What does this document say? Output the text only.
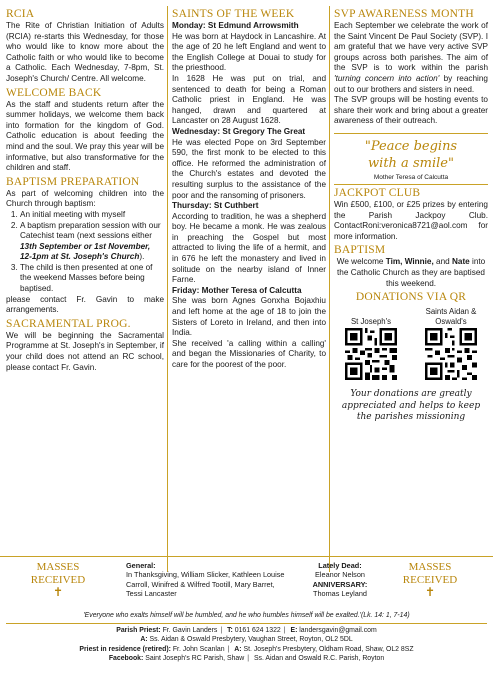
RCIA
The Rite of Christian Initiation of Adults (RCIA) re-starts this Wednesday, for those who would like to know more about the Catholic faith or who would like to become a Catholic. Each Wednesday, 7-8pm, St. Joseph's Church/ Centre. All welcome.
WELCOME BACK
As the staff and students return after the summer holidays, we welcome them back into formation for the kingdom of God. Catholic education is about feeding the mind and the soul. We pray this year will be informative, but also transformative for the children and staff.
BAPTISM PREPARATION
As part of welcoming children into the Church through baptism:
1. An initial meeting with myself
2. A baptism preparation session with our Catechist team (next sessions either 13th September or 1st November, 12-1pm at St. Joseph's Church).
3. The child is then presented at one of the weekend Masses before being baptised.
please contact Fr. Gavin to make arrangements.
SACRAMENTAL PROG.
We will be beginning the Sacramental Programme at St. Joseph's in September, if your child does not attend an RC school, please contact Fr. Gavin.
SAINTS OF THE WEEK
Monday: St Edmund Arrowsmith
He was born at Haydock in Lancashire. At the age of 20 he left England and went to the English College at Douai to study for the priesthood.
In 1628 He was put on trial, and sentenced to death for being a Roman Catholic priest in England. He was hanged, drawn and quartered at Lancaster on 28 August 1628.
Wednesday: St Gregory The Great
He was elected Pope on 3rd September 590, the first monk to be elected to this office. He reformed the administration of the Church's estates and devoted the resulting surplus to the assistance of the poor and the ransoming of prisoners.
Thursday: St Cuthbert
According to tradition, he was a shepherd boy. He became a monk. He was zealous in preaching the Gospel but most attracted to living the life of a hermit, and in 676 he left the monastery and lived in solitude on the nearby island of Inner Farne.
Friday: Mother Teresa of Calcutta
She was born Agnes Gonxha Bojaxhiu and left home at the age of 18 to join the Sisters of Loreto in Ireland, and then into India.
She received 'a calling within a calling' and began the Missionaries of Charity, to care for the poorest of the poor.
SVP AWARENESS MONTH
Each September we celebrate the work of the Saint Vincent De Paul Society (SVP). I am grateful that we have very active SVP groups across both parishes. The aim of the SVP is to work within the parish 'turning concern into action' by reaching out to our brothers and sisters in need.
The SVP groups will be hosting events to share their work and bring about a greater awareness of their outreach.
"Peace begins
with a smile"
Mother Teresa of Calcutta
JACKPOT CLUB
Win £500, £100, or £25 prizes by entering the Parish Jackpoy Club. ContactRoni:veronica8721@aol.com for more information.
BAPTISM
We welcome Tim, Winnie, and Nate into the Catholic Church as they are baptised this weekend.
DONATIONS VIA QR
St Joseph's
Saints Aidan & Oswald's
Your donations are greatly appreciated and helps to keep the parishes missioning
MASSES
RECEIVED
✝
General:
In Thanksgiving, William Slicker, Kathleen Louise Carroll, Winifred & Wilfred Tootill, Mary Barret, Tessi Lancaster
Lately Dead:
Eleanor Nelson
ANNIVERSARY:
Thomas Leyland
MASSES
RECEIVED
✝
'Everyone who exalts himself will be humbled, and he who humbles himself will be exalted.'(Lk. 14: 1, 7-14)
Parish Priest: Fr. Gavin Landers | T: 0161 624 1322 | E: landersgavin@gmail.com
A: Ss. Aidan & Oswald Presbytery, Vaughan Street, Royton, OL2 5DL
Priest in residence (retired): Fr. John Scanlan | A: St. Joseph's Presbytery, Oldham Road, Shaw, OL2 8SZ
Facebook: Saint Joseph's RC Parish, Shaw | Ss. Aidan and Oswald R.C. Parish, Royton
